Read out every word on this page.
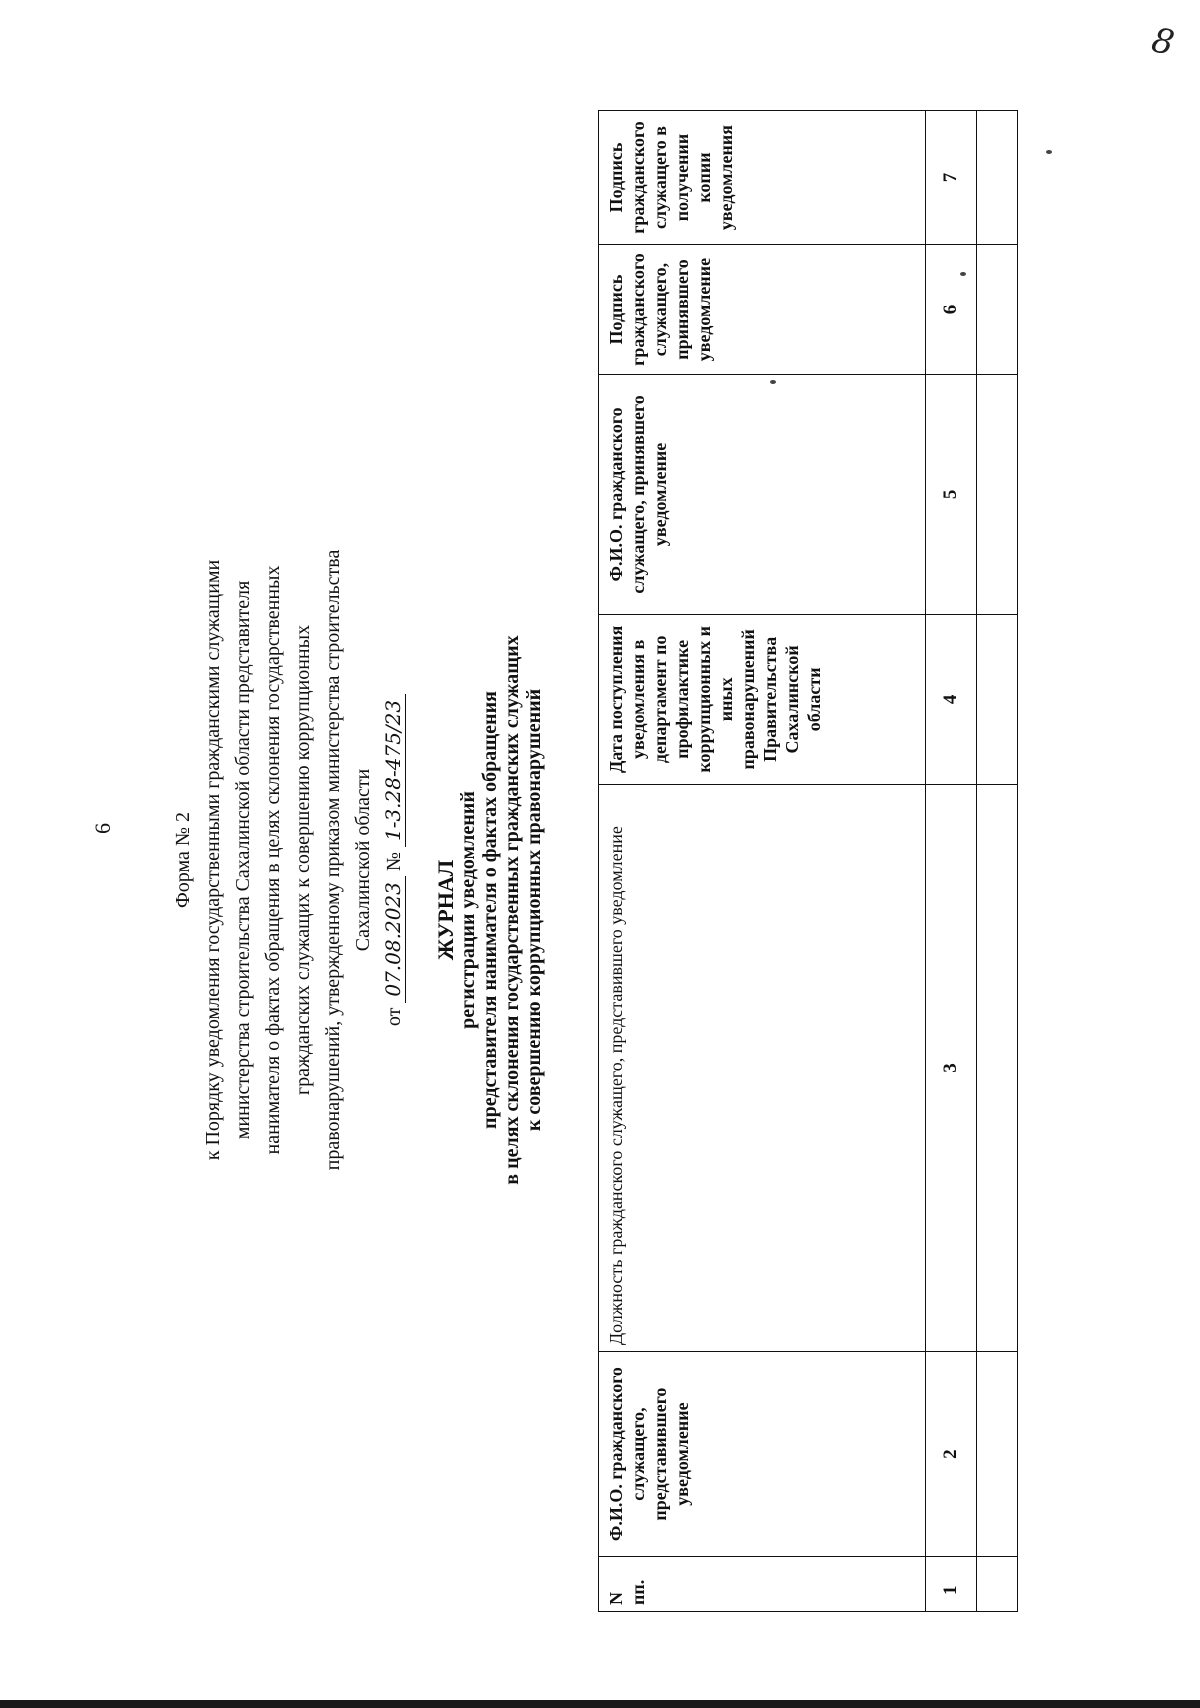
8
6	Форма № 2 к Порядку уведомления государственными гражданскими служащими министерства строительства Сахалинской области представителя нанимателя о фактах обращения в целях склонения государственных гражданских служащих к совершению коррупционных правонарушений, утвержденному приказом министерства строительства Сахалинской области
от 07.08.2023 № 1-3.28-475/23
ЖУРНАЛ регистрации уведомлений представителя нанимателя о фактах обращения в целях склонения государственных гражданских служащих к совершению коррупционных правонарушений
N пп.	Ф.И.О. гражданского служащего, представившего уведомление	Должность гражданского служащего, представившего уведомление	Дата поступления уведомления в департамент по профилактике коррупционных и иных правонарушений Правительства Сахалинской области	Ф.И.О. гражданского служащего, принявшего уведомление	Подпись гражданского служащего, принявшего уведомление	Подпись гражданского служащего в получении копии уведомления
1	2	3	4	5	6	7
